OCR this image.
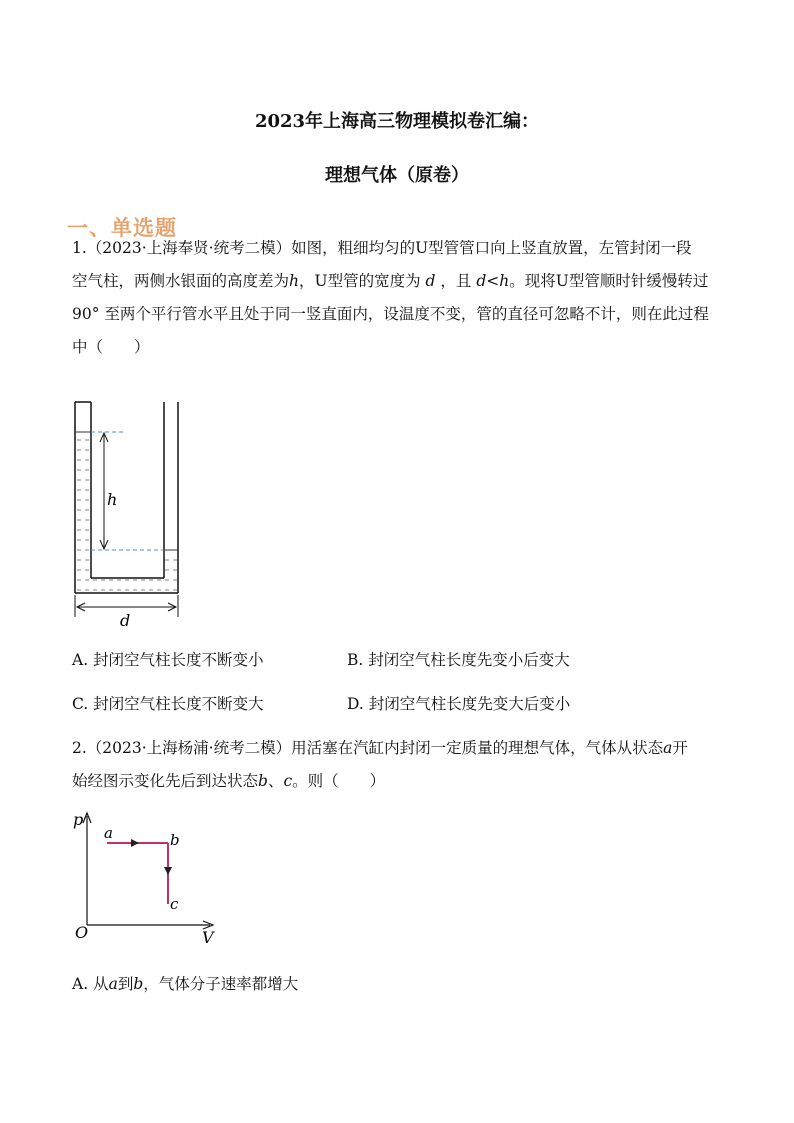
2023年上海高三物理模拟卷汇编：
理想气体（原卷）
一、单选题
1.（2023·上海奉贤·统考二模）如图，粗细均匀的U型管管口向上竖直放置，左管封闭一段
空气柱，两侧水银面的高度差为h，U型管的宽度为 d ，且 d<h。现将U型管顺时针缓慢转过
90° 至两个平行管水平且处于同一竖直面内，设温度不变，管的直径可忽略不计，则在此过程
中（　　）
h
d
A. 封闭空气柱长度不断变小	B. 封闭空气柱长度先变小后变大
C. 封闭空气柱长度不断变大	D. 封闭空气柱长度先变大后变小
2.（2023·上海杨浦·统考二模）用活塞在汽缸内封闭一定质量的理想气体，气体从状态a开
始经图示变化先后到达状态b、c。则（　　）
p
V
O
a	b
c
A. 从a到b，气体分子速率都增大
